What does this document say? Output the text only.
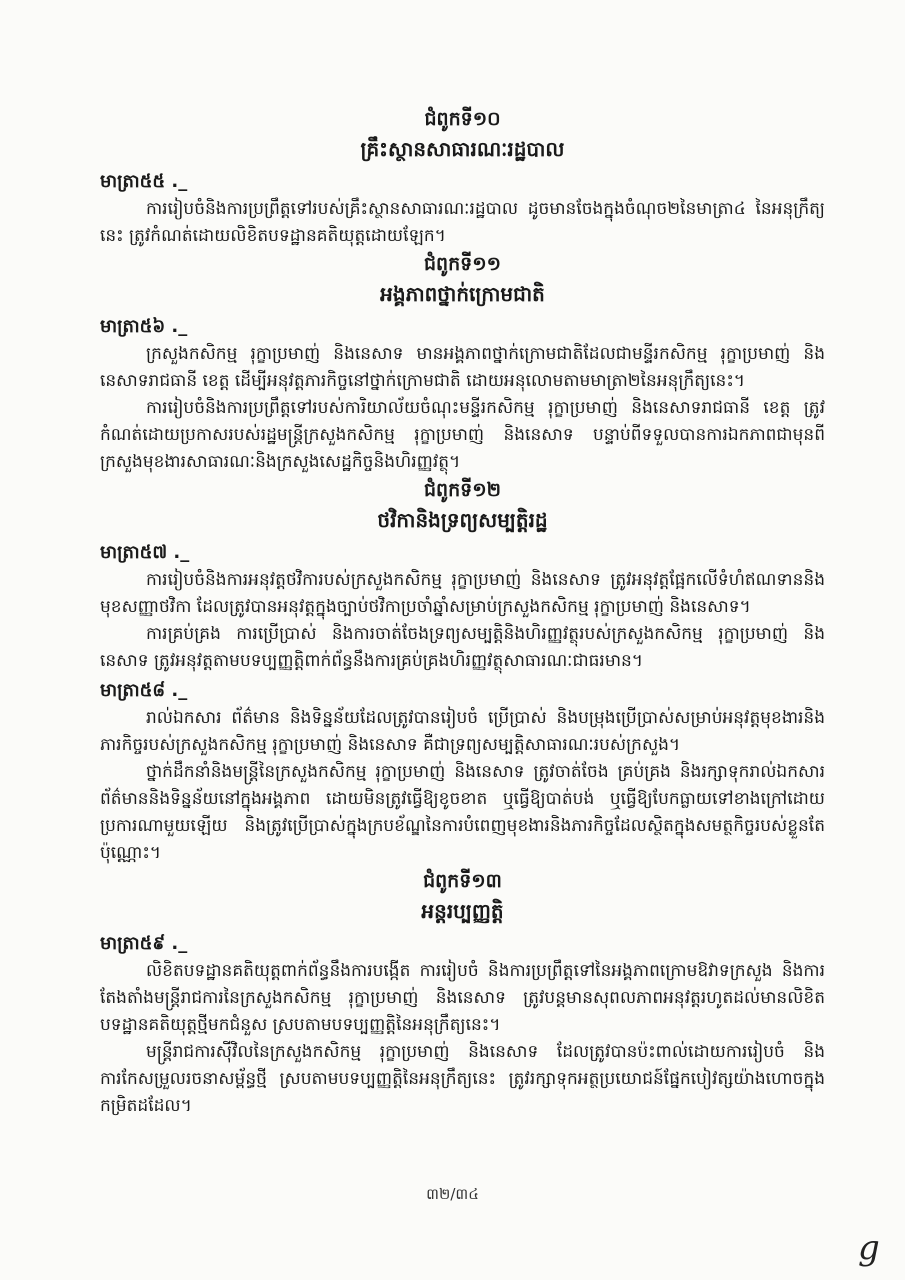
ជំពូកទី១០
គ្រឹះស្ថានសាធារណៈរដ្ឋបាល

មាត្រា៥៥ ._

ការរៀបចំនិងការប្រព្រឹត្តទៅរបស់គ្រឹះស្ថានសាធារណៈរដ្ឋបាល ដូចមានចែងក្នុងចំណុច២នៃមាត្រា៤ នៃអនុក្រឹត្យនេះ ត្រូវកំណត់ដោយលិខិតបទដ្ឋានគតិយុត្តដោយឡែក។

ជំពូកទី១១
អង្គភាពថ្នាក់ក្រោមជាតិ

មាត្រា៥៦ ._

ក្រសួងកសិកម្ម រុក្ខាប្រមាញ់ និងនេសាទ មានអង្គភាពថ្នាក់ក្រោមជាតិដែលជាមន្ទីរកសិកម្ម រុក្ខាប្រមាញ់ និងនេសាទរាជធានី ខេត្ត ដើម្បីអនុវត្តភារកិច្ចនៅថ្នាក់ក្រោមជាតិ ដោយអនុលោមតាមមាត្រា២នៃអនុក្រឹត្យនេះ។

ការរៀបចំនិងការប្រព្រឹត្តទៅរបស់ការិយាល័យចំណុះមន្ទីរកសិកម្ម រុក្ខាប្រមាញ់ និងនេសាទរាជធានី ខេត្ត ត្រូវកំណត់ដោយប្រកាសរបស់រដ្ឋមន្ត្រីក្រសួងកសិកម្ម រុក្ខាប្រមាញ់ និងនេសាទ បន្ទាប់ពីទទួលបានការឯកភាពជាមុនពីក្រសួងមុខងារសាធារណៈនិងក្រសួងសេដ្ឋកិច្ចនិងហិរញ្ញវត្ថុ។

ជំពូកទី១២
ថវិកានិងទ្រព្យសម្បត្តិរដ្ឋ

មាត្រា៥៧ ._

ការរៀបចំនិងការអនុវត្តថវិការបស់ក្រសួងកសិកម្ម រុក្ខាប្រមាញ់ និងនេសាទ ត្រូវអនុវត្តផ្អែកលើទំហំឥណទាននិងមុខសញ្ញាថវិកា ដែលត្រូវបានអនុវត្តក្នុងច្បាប់ថវិកាប្រចាំឆ្នាំសម្រាប់ក្រសួងកសិកម្ម រុក្ខាប្រមាញ់ និងនេសាទ។

ការគ្រប់គ្រង ការប្រើប្រាស់ និងការចាត់ចែងទ្រព្យសម្បត្តិនិងហិរញ្ញវត្ថុរបស់ក្រសួងកសិកម្ម រុក្ខាប្រមាញ់ និងនេសាទ ត្រូវអនុវត្តតាមបទប្បញ្ញត្តិពាក់ព័ន្ធនឹងការគ្រប់គ្រងហិរញ្ញវត្ថុសាធារណៈជាធរមាន។

មាត្រា៥៨ ._

រាល់ឯកសារ ព័ត៌មាន និងទិន្នន័យដែលត្រូវបានរៀបចំ ប្រើប្រាស់ និងបម្រុងប្រើប្រាស់សម្រាប់អនុវត្តមុខងារនិងភារកិច្ចរបស់ក្រសួងកសិកម្ម រុក្ខាប្រមាញ់ និងនេសាទ គឺជាទ្រព្យសម្បត្តិសាធារណៈរបស់ក្រសួង។

ថ្នាក់ដឹកនាំនិងមន្ត្រីនៃក្រសួងកសិកម្ម រុក្ខាប្រមាញ់ និងនេសាទ ត្រូវចាត់ចែង គ្រប់គ្រង និងរក្សាទុករាល់ឯកសារ ព័ត៌មាននិងទិន្នន័យនៅក្នុងអង្គភាព ដោយមិនត្រូវធ្វើឱ្យខូចខាត ឬធ្វើឱ្យបាត់បង់ ឬធ្វើឱ្យបែកធ្លាយទៅខាងក្រៅដោយប្រការណាមួយឡើយ និងត្រូវប្រើប្រាស់ក្នុងក្របខ័ណ្ឌនៃការបំពេញមុខងារនិងភារកិច្ចដែលស្ថិតក្នុងសមត្ថកិច្ចរបស់ខ្លួនតែប៉ុណ្ណោះ។

ជំពូកទី១៣
អន្តរប្បញ្ញត្តិ

មាត្រា៥៩ ._

លិខិតបទដ្ឋានគតិយុត្តពាក់ព័ន្ធនឹងការបង្កើត ការរៀបចំ និងការប្រព្រឹត្តទៅនៃអង្គភាពក្រោមឱវាទក្រសួង និងការតែងតាំងមន្ត្រីរាជការនៃក្រសួងកសិកម្ម រុក្ខាប្រមាញ់ និងនេសាទ ត្រូវបន្តមានសុពលភាពអនុវត្តរហូតដល់មានលិខិតបទដ្ឋានគតិយុត្តថ្មីមកជំនួស ស្របតាមបទប្បញ្ញត្តិនៃអនុក្រឹត្យនេះ។

មន្ត្រីរាជការស៊ីវិលនៃក្រសួងកសិកម្ម រុក្ខាប្រមាញ់ និងនេសាទ ដែលត្រូវបានប៉ះពាល់ដោយការរៀបចំ និងការកែសម្រួលរចនាសម្ព័ន្ធថ្មី ស្របតាមបទប្បញ្ញត្តិនៃអនុក្រឹត្យនេះ ត្រូវរក្សាទុកអត្ថប្រយោជន៍ផ្នែកបៀវត្សយ៉ាងហោចក្នុងកម្រិតដដែល។

៣២/៣៤
g
